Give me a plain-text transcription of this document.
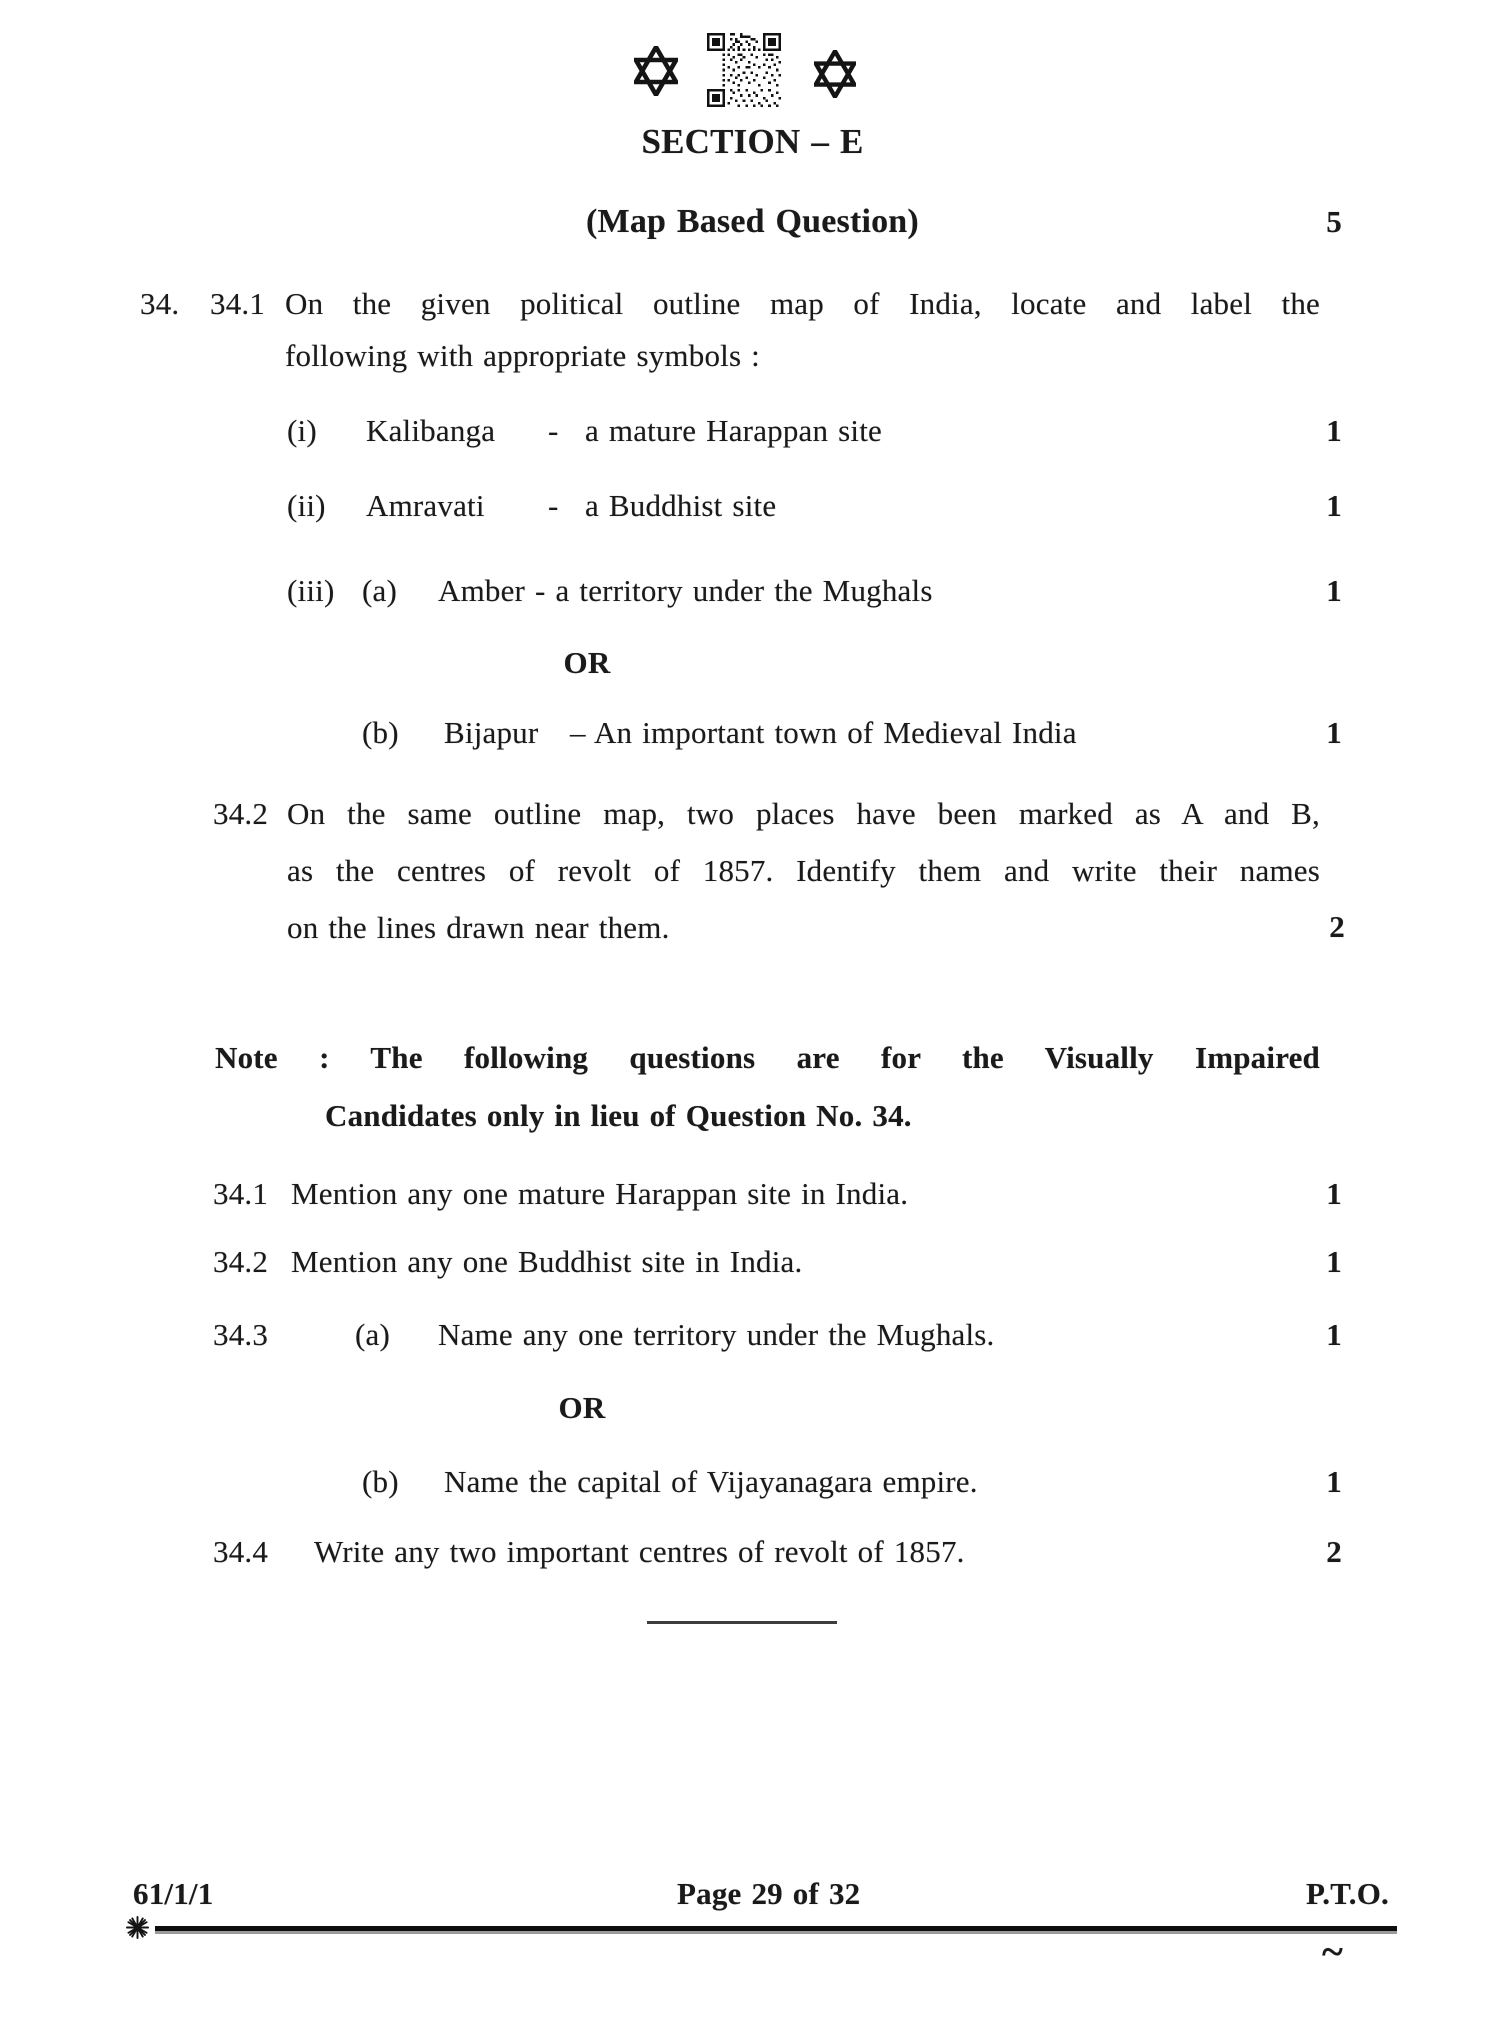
SECTION – E
(Map Based Question)	5
34. 34.1 On the given political outline map of India, locate and label the
following with appropriate symbols :
(i) Kalibanga - a mature Harappan site	1
(ii) Amravati - a Buddhist site	1
(iii) (a) Amber - a territory under the Mughals	1
OR
(b) Bijapur – An important town of Medieval India	1
34.2 On the same outline map, two places have been marked as A and B,
as the centres of revolt of 1857. Identify them and write their names
on the lines drawn near them.	2
Note : The following questions are for the Visually Impaired
Candidates only in lieu of Question No. 34.
34.1 Mention any one mature Harappan site in India.	1
34.2 Mention any one Buddhist site in India.	1
34.3	(a) Name any one territory under the Mughals.	1
OR
(b) Name the capital of Vijayanagara empire.	1
34.4 Write any two important centres of revolt of 1857.	2
61/1/1	Page 29 of 32	P.T.O.
~
